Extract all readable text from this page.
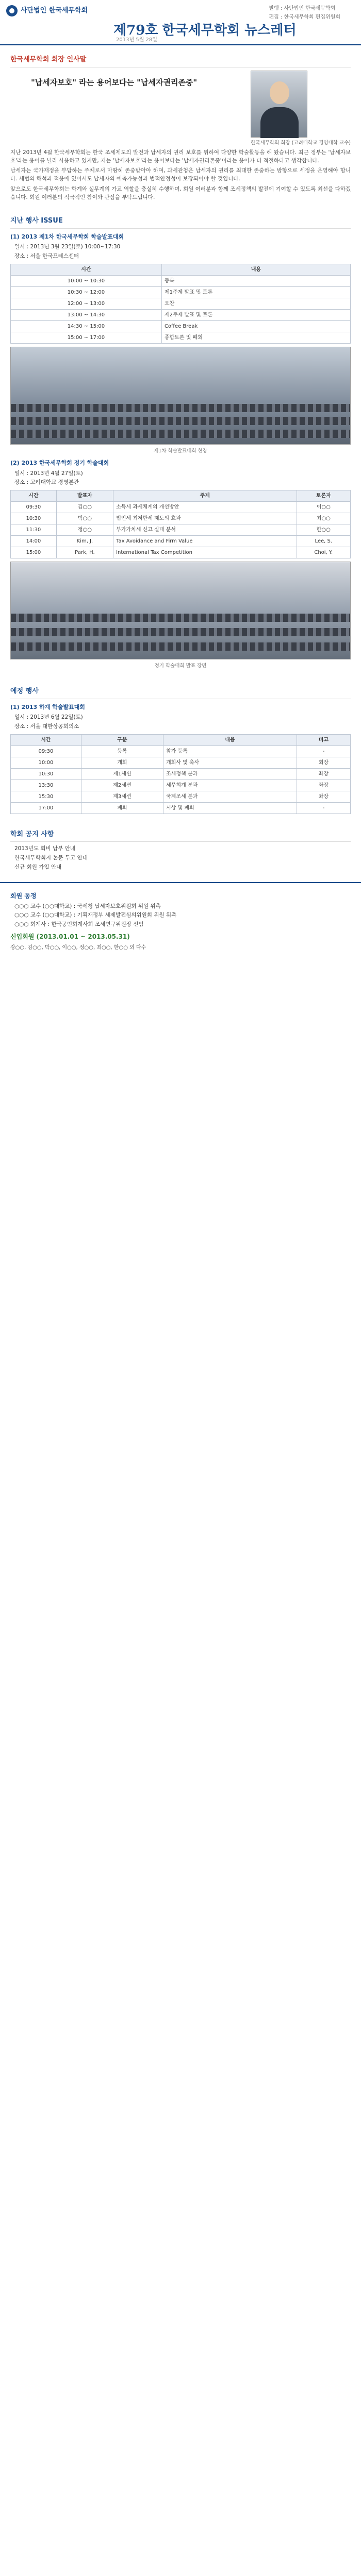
사단법인 한국세무학회	발행 : 사단법인 한국세무학회
편집 : 한국세무학회 편집위원회
제79호 한국세무학회 뉴스레터
2013년 5월 28일
한국세무학회 회장 인사말
"납세자보호" 라는 용어보다는 "납세자권리존중"
한국세무학회 회장 (고려대학교 경영대학 교수)

지난 2013년 4월 한국세무학회는 한국 조세제도의 발전과 납세자의 권리 보호를 위하여 다양한 학술활동을 해 왔습니다. 최근 정부는 '납세자보호'라는 용어를 널리 사용하고 있지만, 저는 '납세자보호'라는 용어보다는 '납세자권리존중'이라는 용어가 더 적절하다고 생각합니다.

납세자는 국가재정을 부담하는 주체로서 마땅히 존중받아야 하며, 과세관청은 납세자의 권리를 최대한 존중하는 방향으로 세정을 운영해야 합니다. 세법의 해석과 적용에 있어서도 납세자의 예측가능성과 법적안정성이 보장되어야 할 것입니다.

앞으로도 한국세무학회는 학계와 실무계의 가교 역할을 충실히 수행하며, 회원 여러분과 함께 조세정책의 발전에 기여할 수 있도록 최선을 다하겠습니다. 회원 여러분의 적극적인 참여와 관심을 부탁드립니다.

지난 행사 ISSUE
(1) 2013 제1차 한국세무학회 학술발표대회
일시 : 2013년 3월 23일(토) 10:00~17:30
장소 : 서울 한국프레스센터
시간	내용
10:00 ~ 10:30	등록
10:30 ~ 12:00	제1주제 발표 및 토론
12:00 ~ 13:00	오찬
13:00 ~ 14:30	제2주제 발표 및 토론
14:30 ~ 15:00	Coffee Break
15:00 ~ 17:00	종합토론 및 폐회
제1차 학술발표대회 현장
(2) 2013 한국세무학회 정기 학술대회
일시 : 2013년 4월 27일(토)
장소 : 고려대학교 경영본관
시간	발표자	주제	토론자
09:30	김○○	소득세 과세체계의 개선방안	이○○
10:30	박○○	법인세 최저한세 제도의 효과	최○○
11:30	정○○	부가가치세 신고 실태 분석	한○○
14:00	Kim, J.	Tax Avoidance and Firm Value	Lee, S.
15:00	Park, H.	International Tax Competition	Choi, Y.
정기 학술대회 발표 장면
예정 행사
(1) 2013 하계 학술발표대회
일시 : 2013년 6월 22일(토)
장소 : 서울 대한상공회의소
시간	구분	내용	비고
09:30	등록	참가 등록	-
10:00	개회	개회사 및 축사	회장
10:30	제1세션	조세정책 분과	좌장
13:30	제2세션	세무회계 분과	좌장
15:30	제3세션	국제조세 분과	좌장
17:00	폐회	시상 및 폐회	-
학회 공지 사항
2013년도 회비 납부 안내
한국세무학회지 논문 투고 안내
신규 회원 가입 안내
회원 동정
○○○ 교수 (○○대학교) : 국세청 납세자보호위원회 위원 위촉
○○○ 교수 (○○대학교) : 기획재정부 세제발전심의위원회 위원 위촉
○○○ 회계사 : 한국공인회계사회 조세연구위원장 선임
신입회원 (2013.01.01 ~ 2013.05.31)
강○○, 김○○, 박○○, 이○○, 정○○, 최○○, 한○○ 외 다수
